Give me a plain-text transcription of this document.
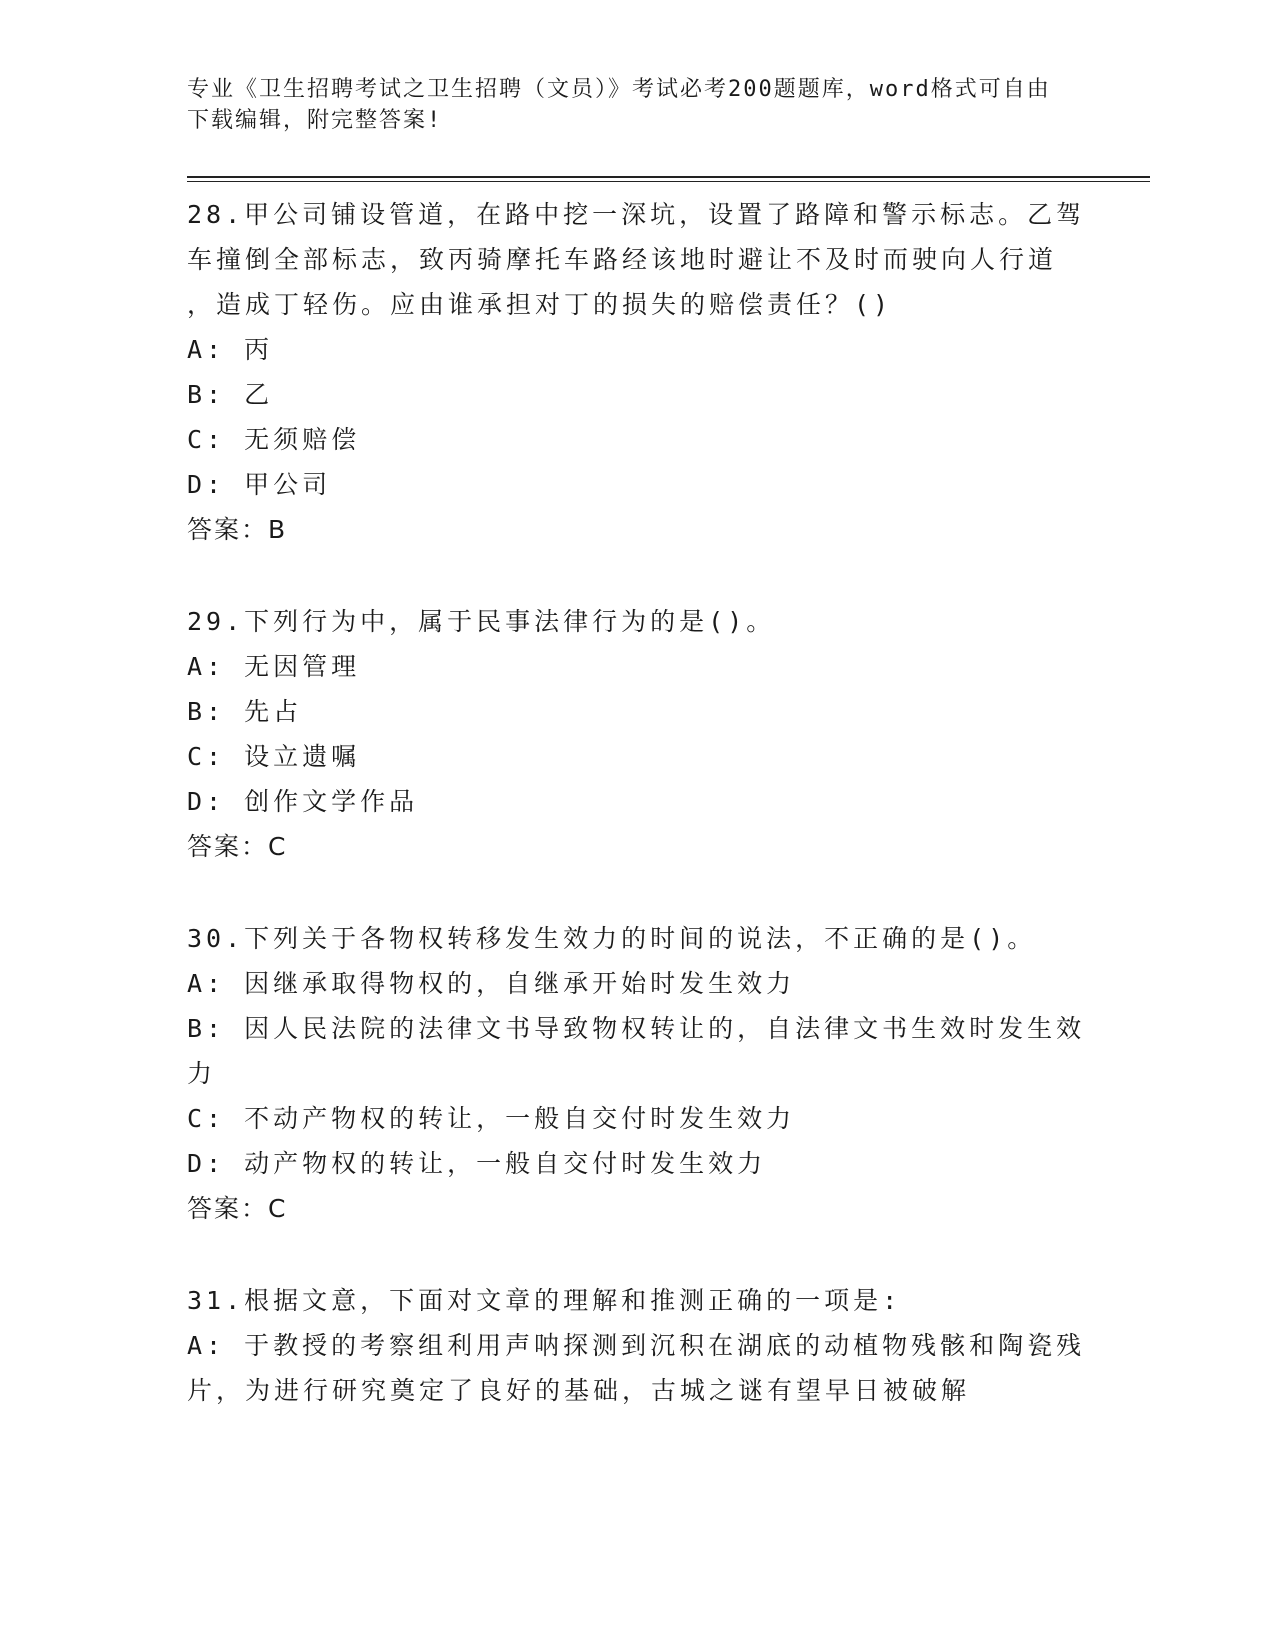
专业《卫生招聘考试之卫生招聘（文员）》考试必考200题题库，word格式可自由下载编辑，附完整答案!
28.甲公司铺设管道，在路中挖一深坑，设置了路障和警示标志。乙驾
车撞倒全部标志，致丙骑摩托车路经该地时避让不及时而驶向人行道
，造成丁轻伤。应由谁承担对丁的损失的赔偿责任？()
A: 丙
B: 乙
C: 无须赔偿
D: 甲公司
答案：B
29.下列行为中，属于民事法律行为的是()。
A: 无因管理
B: 先占
C: 设立遗嘱
D: 创作文学作品
答案：C
30.下列关于各物权转移发生效力的时间的说法，不正确的是()。
A: 因继承取得物权的，自继承开始时发生效力
B: 因人民法院的法律文书导致物权转让的，自法律文书生效时发生效
力
C: 不动产物权的转让，一般自交付时发生效力
D: 动产物权的转让，一般自交付时发生效力
答案：C
31.根据文意，下面对文章的理解和推测正确的一项是:
A: 于教授的考察组利用声呐探测到沉积在湖底的动植物残骸和陶瓷残
片，为进行研究奠定了良好的基础，古城之谜有望早日被破解
